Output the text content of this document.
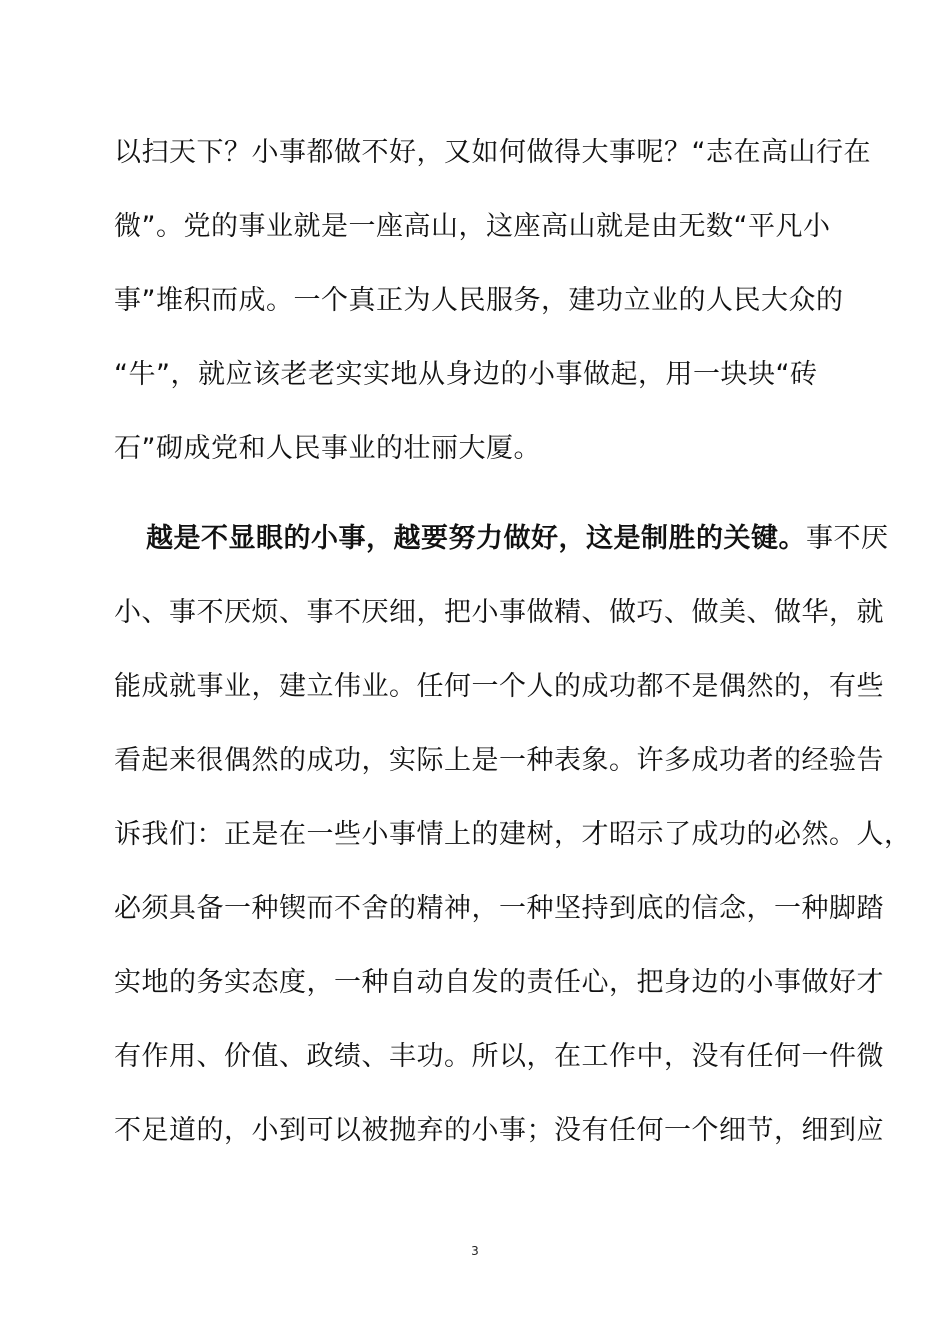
以扫天下？小事都做不好，又如何做得大事呢？“志在高山行在
微”。党的事业就是一座高山，这座高山就是由无数“平凡小
事”堆积而成。一个真正为人民服务，建功立业的人民大众的
“牛”，就应该老老实实地从身边的小事做起，用一块块“砖
石”砌成党和人民事业的壮丽大厦。
越是不显眼的小事，越要努力做好，这是制胜的关键。事不厌
小、事不厌烦、事不厌细，把小事做精、做巧、做美、做华，就
能成就事业，建立伟业。任何一个人的成功都不是偶然的，有些
看起来很偶然的成功，实际上是一种表象。许多成功者的经验告
诉我们：正是在一些小事情上的建树，才昭示了成功的必然。人，
必须具备一种锲而不舍的精神，一种坚持到底的信念，一种脚踏
实地的务实态度，一种自动自发的责任心，把身边的小事做好才
有作用、价值、政绩、丰功。所以，在工作中，没有任何一件微
不足道的，小到可以被抛弃的小事；没有任何一个细节，细到应
3
